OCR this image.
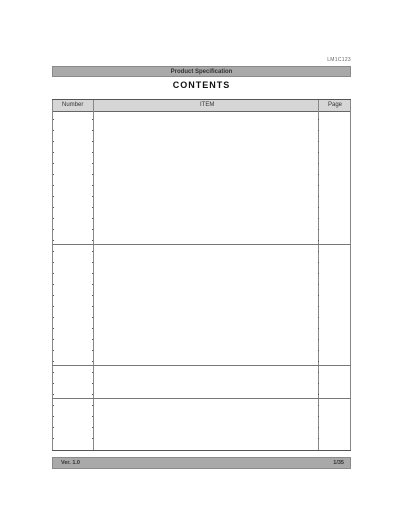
LM1C123
Product Specification
CONTENTS
Number	ITEM	Page
Ver. 1.0	1/35
